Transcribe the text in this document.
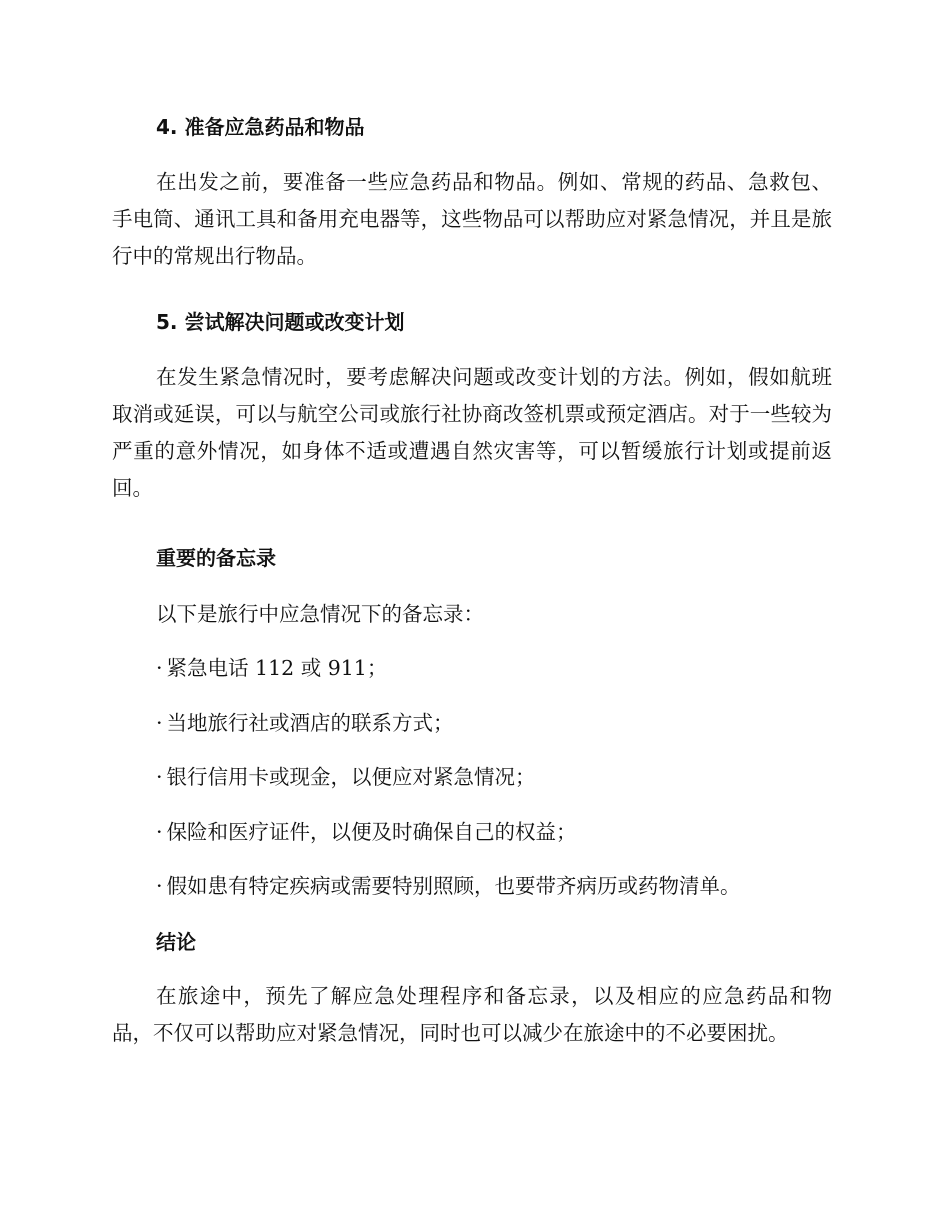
4. 准备应急药品和物品

在出发之前，要准备一些应急药品和物品。例如、常规的药品、急救包、手电筒、通讯工具和备用充电器等，这些物品可以帮助应对紧急情况，并且是旅行中的常规出行物品。

5. 尝试解决问题或改变计划

在发生紧急情况时，要考虑解决问题或改变计划的方法。例如，假如航班取消或延误，可以与航空公司或旅行社协商改签机票或预定酒店。对于一些较为严重的意外情况，如身体不适或遭遇自然灾害等，可以暂缓旅行计划或提前返回。

重要的备忘录

以下是旅行中应急情况下的备忘录：

· 紧急电话 112 或 911；

· 当地旅行社或酒店的联系方式；

· 银行信用卡或现金，以便应对紧急情况；

· 保险和医疗证件，以便及时确保自己的权益；

· 假如患有特定疾病或需要特别照顾，也要带齐病历或药物清单。

结论

在旅途中，预先了解应急处理程序和备忘录，以及相应的应急药品和物品，不仅可以帮助应对紧急情况，同时也可以减少在旅途中的不必要困扰。
